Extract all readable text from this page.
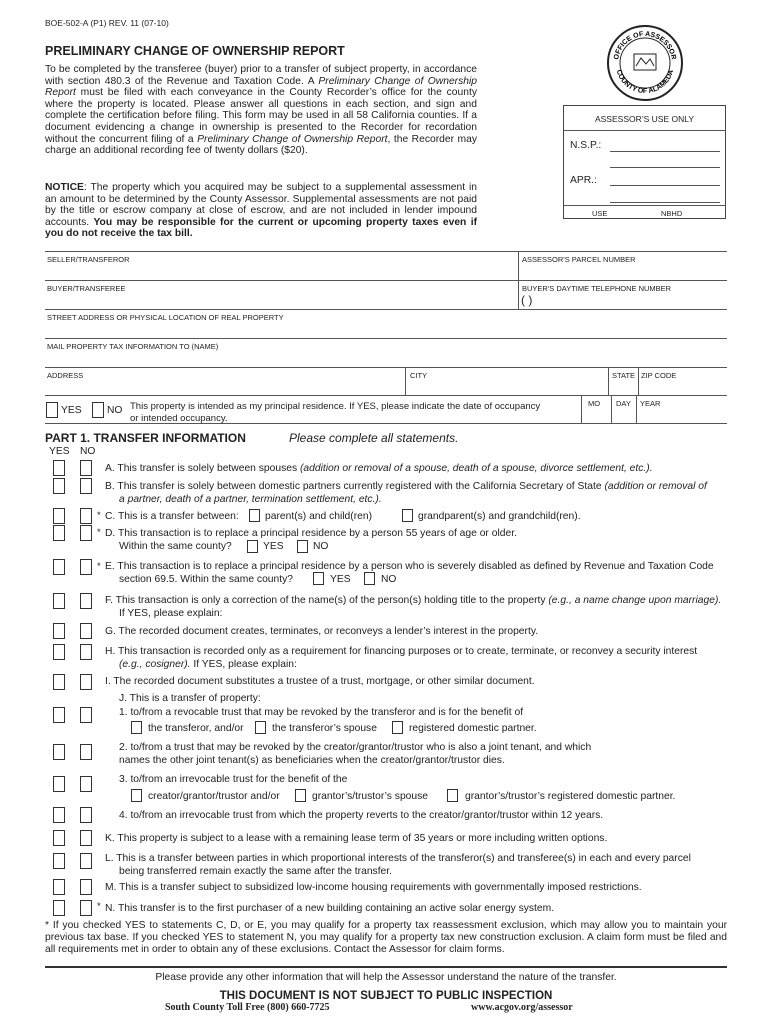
BOE-502-A (P1) REV. 11 (07-10)
PRELIMINARY CHANGE OF OWNERSHIP REPORT
To be completed by the transferee (buyer) prior to a transfer of subject property, in accordance with section 480.3 of the Revenue and Taxation Code. A Preliminary Change of Ownership Report must be filed with each conveyance in the County Recorder’s office for the county where the property is located. Please answer all questions in each section, and sign and complete the certification before filing. This form may be used in all 58 California counties. If a document evidencing a change in ownership is presented to the Recorder for recordation without the concurrent filing of a Preliminary Change of Ownership Report, the Recorder may charge an additional recording fee of twenty dollars ($20).
NOTICE: The property which you acquired may be subject to a supplemental assessment in an amount to be determined by the County Assessor. Supplemental assessments are not paid by the title or escrow company at close of escrow, and are not included in lender impound accounts. You may be responsible for the current or upcoming property taxes even if you do not receive the tax bill.
OFFICE OF ASSESSOR
COUNTY OF ALAMEDA
ASSESSOR’S USE ONLY
N.S.P.:
APR.:
USE	NBHD
SELLER/TRANSFEROR	ASSESSOR'S PARCEL NUMBER
BUYER/TRANSFEREE	BUYER'S DAYTIME TELEPHONE NUMBER
( )
STREET ADDRESS OR PHYSICAL LOCATION OF REAL PROPERTY
MAIL PROPERTY TAX INFORMATION TO (NAME)
ADDRESS	CITY	STATE ZIP CODE
MO DAY YEAR
YES NO This property is intended as my principal residence. If YES, please indicate the date of occupancy
or intended occupancy.
PART 1. TRANSFER INFORMATION	Please complete all statements.
YES NO
A. This transfer is solely between spouses (addition or removal of a spouse, death of a spouse, divorce settlement, etc.).
B. This transfer is solely between domestic partners currently registered with the California Secretary of State (addition or removal of
a partner, death of a partner, termination settlement, etc.).
* C. This is a transfer between:	parent(s) and child(ren)	grandparent(s) and grandchild(ren).
* D. This transaction is to replace a principal residence by a person 55 years of age or older.
Within the same county?	YES	NO
* E. This transaction is to replace a principal residence by a person who is severely disabled as defined by Revenue and Taxation Code
section 69.5. Within the same county?	YES	NO
F. This transaction is only a correction of the name(s) of the person(s) holding title to the property (e.g., a name change upon marriage).
If YES, please explain:
G. The recorded document creates, terminates, or reconveys a lender’s interest in the property.
H. This transaction is recorded only as a requirement for financing purposes or to create, terminate, or reconvey a security interest
(e.g., cosigner). If YES, please explain:
I. The recorded document substitutes a trustee of a trust, mortgage, or other similar document.
J. This is a transfer of property:
1. to/from a revocable trust that may be revoked by the transferor and is for the benefit of
the transferor, and/or	the transferor’s spouse	registered domestic partner.
2. to/from a trust that may be revoked by the creator/grantor/trustor who is also a joint tenant, and which
names the other joint tenant(s) as beneficiaries when the creator/grantor/trustor dies.
3. to/from an irrevocable trust for the benefit of the
creator/grantor/trustor and/or	grantor’s/trustor’s spouse	grantor’s/trustor’s registered domestic partner.
4. to/from an irrevocable trust from which the property reverts to the creator/grantor/trustor within 12 years.
K. This property is subject to a lease with a remaining lease term of 35 years or more including written options.
L. This is a transfer between parties in which proportional interests of the transferor(s) and transferee(s) in each and every parcel
being transferred remain exactly the same after the transfer.
M. This is a transfer subject to subsidized low-income housing requirements with governmentally imposed restrictions.
* N. This transfer is to the first purchaser of a new building containing an active solar energy system.
* If you checked YES to statements C, D, or E, you may qualify for a property tax reassessment exclusion, which may allow you to maintain your previous tax base. If you checked YES to statement N, you may qualify for a property tax new construction exclusion. A claim form must be filed and all requirements met in order to obtain any of these exclusions. Contact the Assessor for claim forms.
Please provide any other information that will help the Assessor understand the nature of the transfer.
THIS DOCUMENT IS NOT SUBJECT TO PUBLIC INSPECTION
South County Toll Free (800) 660-7725	www.acgov.org/assessor
